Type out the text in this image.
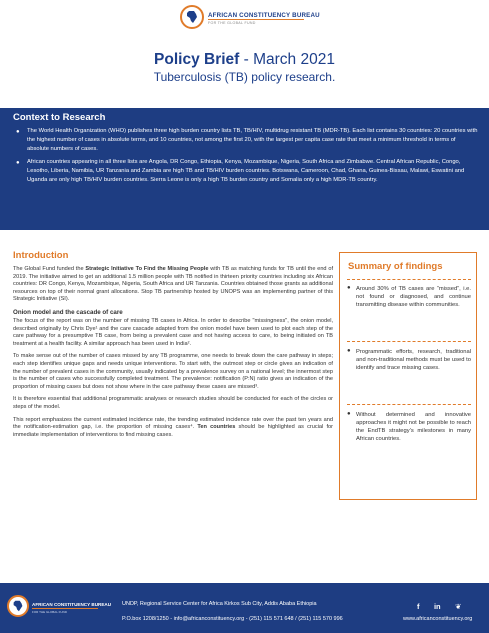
AFRICAN CONSTITUENCY BUREAU
FOR THE GLOBAL FUND
Policy Brief - March 2021
Tuberculosis (TB) policy research.
Context to Research
● The World Health Organization (WHO) publishes three high burden country lists TB, TB/HIV, multidrug resistant TB (MDR-TB). Each list contains 30 countries: 20 countries with the highest number of cases in absolute terms, and 10 countries, not among the first 20, with the largest per capita case rate that meet a minimum threshold in terms of absolute numbers of cases.
● African countries appearing in all three lists are Angola, DR Congo, Ethiopia, Kenya, Mozambique, Nigeria, South Africa and Zimbabwe. Central African Republic, Congo, Lesotho, Liberia, Namibia, UR Tanzania and Zambia are high TB and TB/HIV burden countries. Botswana, Cameroon, Chad, Ghana, Guinea-Bissau, Malawi, Eswatini and Uganda are only high TB/HIV burden countries. Sierra Leone is only a high TB burden country and Somalia only a high MDR-TB country.
Introduction

The Global Fund funded the Strategic Initiative To Find the Missing People with TB as matching funds for TB until the end of 2019. The initiative aimed to get an additional 1.5 million people with TB notified in thirteen priority countries including six African countries: DR Congo, Kenya, Mozambique, Nigeria, South Africa and UR Tanzania. Countries obtained those grants as additional resources on top of their normal grant allocations. Stop TB partnership hosted by UNOPS was an implementing partner of this Strategic Initiative (SI).

Onion model and the cascade of care

The focus of the report was on the number of missing TB cases in Africa. In order to describe "missingness", the onion model, described originally by Chris Dye¹ and the care cascade adapted from the onion model have been used to plot each step of the care pathway for a presumptive TB case, from being a prevalent case and not having access to care, to being initiated on TB treatment at a health facility. A similar approach has been used in India².

To make sense out of the number of cases missed by any TB programme, one needs to break down the care pathway in steps; each step identifies unique gaps and needs unique interventions. To start with, the outmost step or circle gives an indication of the number of prevalent cases in the community, usually indicated by a prevalence survey on a national level; the innermost step is the number of cases who successfully completed treatment. The prevalence: notification (P:N) ratio gives an indication of the proportion of missing cases but does not show where in the care pathway these cases are missed³.

It is therefore essential that additional programmatic analyses or research studies should be conducted for each of the circles or steps of the model.

This report emphasizes the current estimated incidence rate, the trending estimated incidence rate over the past ten years and the notification-estimation gap, i.e. the proportion of missing cases⁴. Ten countries should be highlighted as crucial for immediate implementation of interventions to find missing cases.

Summary of findings
● Around 30% of TB cases are “missed”, i.e. not found or diagnosed, and continue transmitting disease within communities.
● Programmatic efforts, research, traditional and non-traditional methods must be used to identify and trace missing cases.
● Without determined and innovative approaches it might not be possible to reach the EndTB strategy’s milestones in many African countries.
AFRICAN CONSTITUENCY BUREAU
FOR THE GLOBAL FUND
UNDP, Regional Service Center for Africa Kirkos Sub City, Addis Ababa Ethiopia
P.O.box 1208/1250 - info@africanconstituency.org - (251) 115 571 648 / (251) 115 570 996
f in ❦
www.africanconstituency.org
